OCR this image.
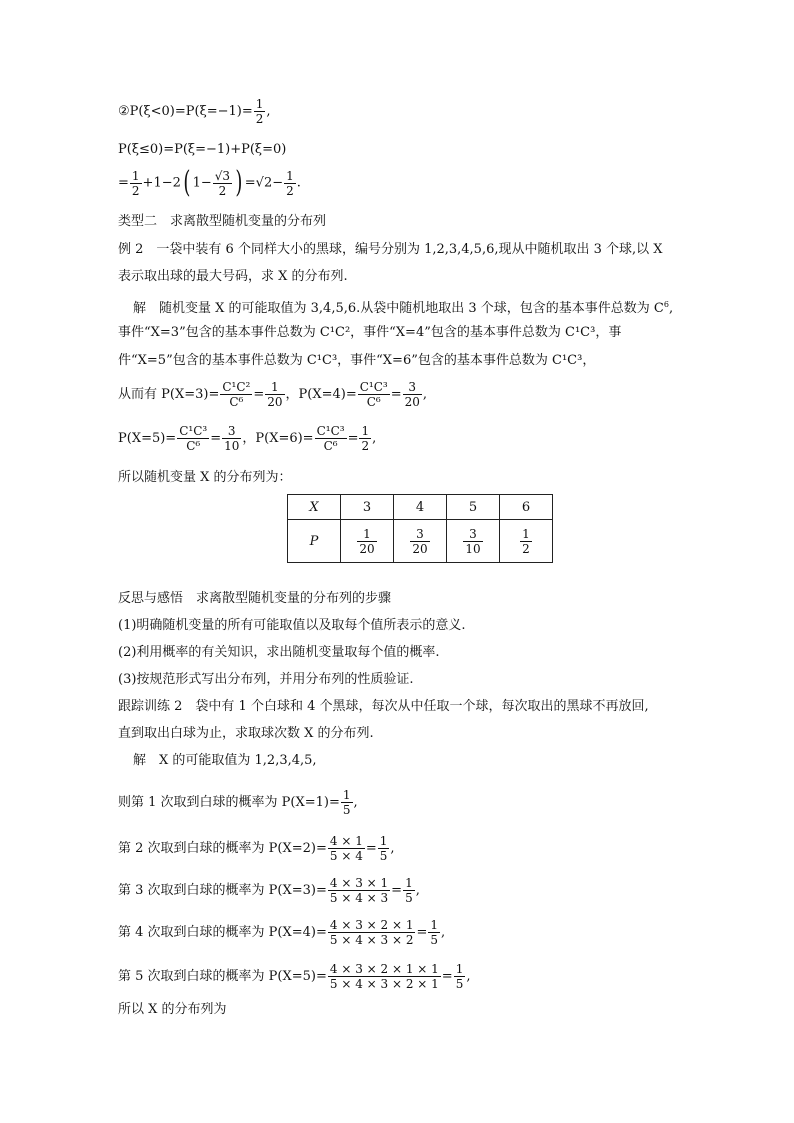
②P(ξ<0)=P(ξ=−1)= $\frac{1}{2}$ ,
P(ξ≤0)=P(ξ=−1)+P(ξ=0)
= $\frac{1}{2} +1-2$( $1- \frac{√3}{2}$ ) $=√2- \frac{1}{2}$ .
类型二　求离散型随机变量的分布列
例 2　一袋中装有 6 个同样大小的黑球，编号分别为 1,2,3,4,5,6,现从中随机取出 3 个球,以 X
表示取出球的最大号码，求 X 的分布列.
解　随机变量 X 的可能取值为 3,4,5,6.从袋中随机地取出 3 个球，包含的基本事件总数为 $C^6$,
事件“X=3”包含的基本事件总数为 C¹C²，事件“X=4”包含的基本事件总数为 C¹C³，事
件“X=5”包含的基本事件总数为 C¹C³，事件“X=6”包含的基本事件总数为 C¹C³，
从而有 $P(X=3)= \frac{\text{C¹C²}}{\text{C⁶}} = \frac{1}{20}$ ，$P(X=4)= \frac{\text{C¹C³}}{\text{C⁶}} = \frac{3}{20}$ ,
$P(X=5)= \frac{\text{C¹C³}}{\text{C⁶}} = \frac{3}{10}$ ，$P(X=6)= \frac{\text{C¹C³}}{\text{C⁶}} = \frac{1}{2}$ ,
所以随机变量 X 的分布列为：
X	3	4	5	6
P	$\frac{1}{20}$	$\frac{3}{20}$	$\frac{3}{10}$	$\frac{1}{2}$
反思与感悟　求离散型随机变量的分布列的步骤
(1)明确随机变量的所有可能取值以及取每个值所表示的意义.
(2)利用概率的有关知识，求出随机变量取每个值的概率.
(3)按规范形式写出分布列，并用分布列的性质验证.
跟踪训练 2　袋中有 1 个白球和 4 个黑球，每次从中任取一个球，每次取出的黑球不再放回,
直到取出白球为止，求取球次数 X 的分布列.
解　X 的可能取值为 1,2,3,4,5,
则第 1 次取到白球的概率为 $P(X=1)= \frac{1}{5}$ ,
第 2 次取到白球的概率为 $P(X=2)= \frac{4 \times 1}{5 \times 4} = \frac{1}{5}$ ,
第 3 次取到白球的概率为 $P(X=3)= \frac{4 \times 3 \times 1}{5 \times 4 \times 3} = \frac{1}{5}$ ,
第 4 次取到白球的概率为 $P(X=4)= \frac{4 \times 3 \times 2 \times 1}{5 \times 4 \times 3 \times 2} = \frac{1}{5}$ ,
第 5 次取到白球的概率为 $P(X=5)= \frac{4 \times 3 \times 2 \times 1 \times 1}{5 \times 4 \times 3 \times 2 \times 1} = \frac{1}{5}$ ,
所以 X 的分布列为
